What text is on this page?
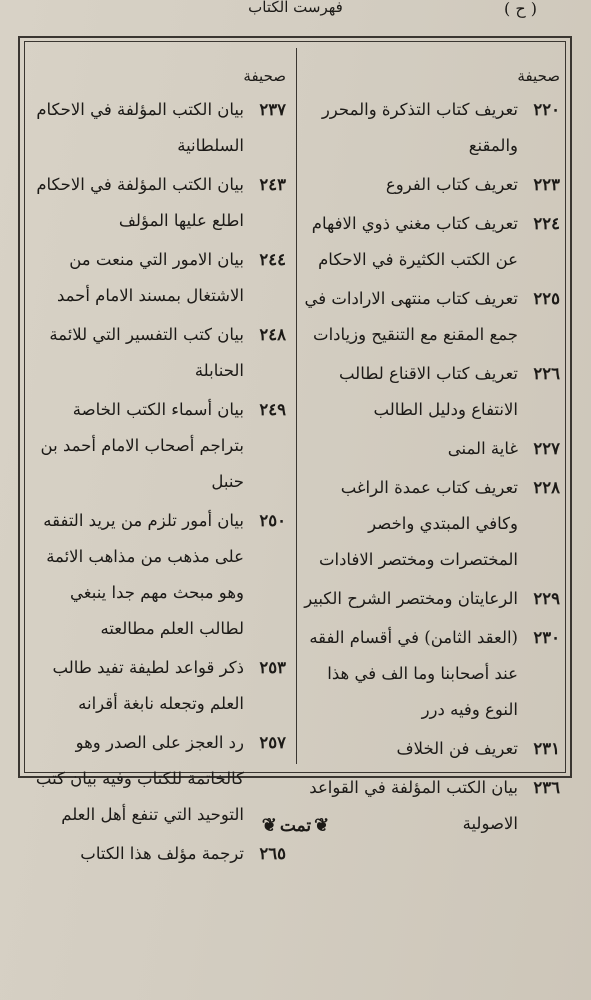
( ح )
فهرست الكتاب
صحيفة
٢٢٠
تعريف كتاب التذكرة والمحرر والمقنع
٢٢٣
تعريف كتاب الفروع
٢٢٤
تعريف كتاب مغني ذوي الافهام عن الكتب الكثيرة في الاحكام
٢٢٥
تعريف كتاب منتهى الارادات في جمع المقنع مع التنقيح وزيادات
٢٢٦
تعريف كتاب الاقناع لطالب الانتفاع ودليل الطالب
٢٢٧
غاية المنى
٢٢٨
تعريف كتاب عمدة الراغب وكافي المبتدي واخصر المختصرات ومختصر الافادات
٢٢٩
الرعايتان ومختصر الشرح الكبير
٢٣٠
(العقد الثامن) في أقسام الفقه عند أصحابنا وما الف في هذا النوع وفيه درر
٢٣١
تعريف فن الخلاف
٢٣٦
بيان الكتب المؤلفة في القواعد الاصولية
صحيفة
٢٣٧
بيان الكتب المؤلفة في الاحكام السلطانية
٢٤٣
بيان الكتب المؤلفة في الاحكام اطلع عليها المؤلف
٢٤٤
بيان الامور التي منعت من الاشتغال بمسند الامام أحمد
٢٤٨
بيان كتب التفسير التي للائمة الحنابلة
٢٤٩
بيان أسماء الكتب الخاصة بتراجم أصحاب الامام أحمد بن حنبل
٢٥٠
بيان أمور تلزم من يريد التفقه على مذهب من مذاهب الائمة وهو مبحث مهم جدا ينبغي لطالب العلم مطالعته
٢٥٣
ذكر قواعد لطيفة تفيد طالب العلم وتجعله نابغة أقرانه
٢٥٧
رد العجز على الصدر وهو كالخاتمة للكتاب وفيه بيان كتب التوحيد التي تنفع أهل العلم
٢٦٥
ترجمة مؤلف هذا الكتاب
❦تمت❦
